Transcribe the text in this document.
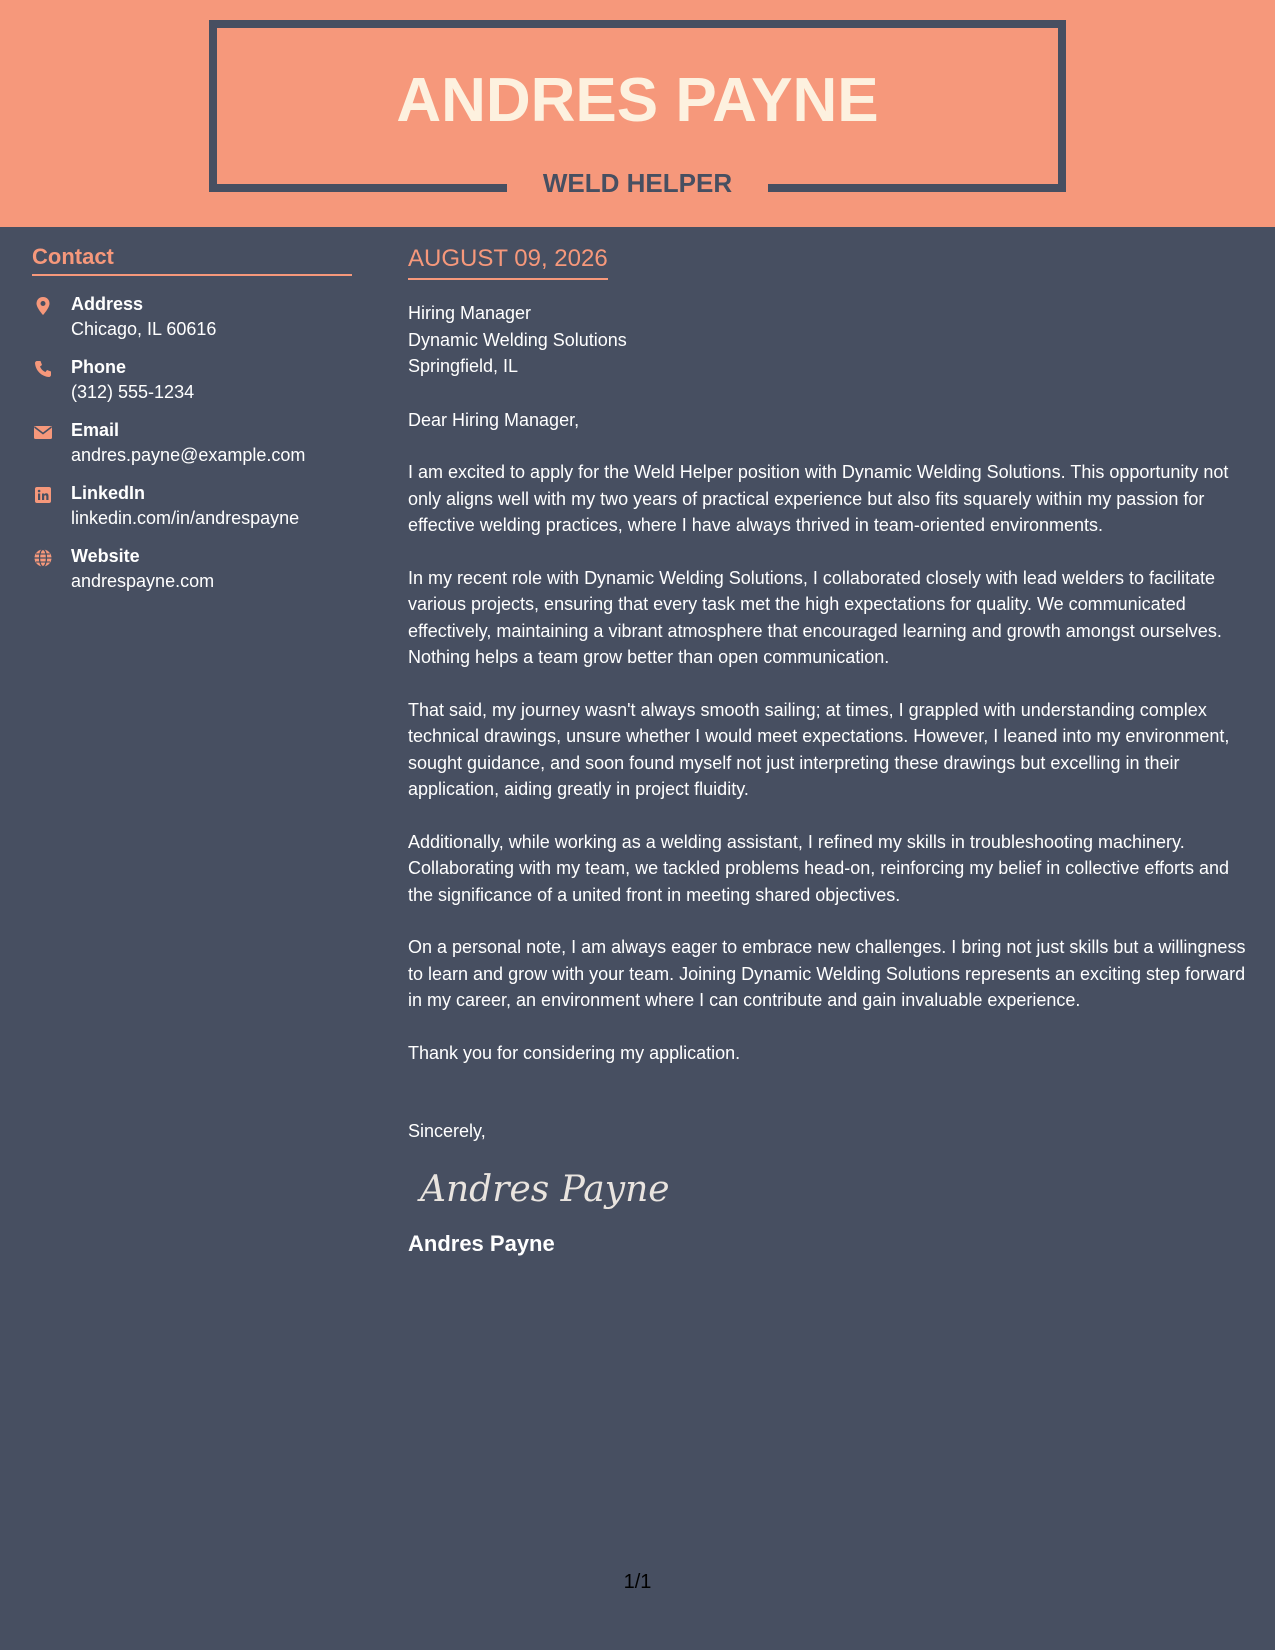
ANDRES PAYNE
WELD HELPER
Contact
Address
Chicago, IL 60616
Phone
(312) 555-1234
Email
andres.payne@example.com
LinkedIn
linkedin.com/in/andrespayne
Website
andrespayne.com
AUGUST 09, 2026
Hiring Manager
Dynamic Welding Solutions
Springfield, IL
Dear Hiring Manager,
I am excited to apply for the Weld Helper position with Dynamic Welding Solutions. This opportunity not only aligns well with my two years of practical experience but also fits squarely within my passion for effective welding practices, where I have always thrived in team-oriented environments.
In my recent role with Dynamic Welding Solutions, I collaborated closely with lead welders to facilitate various projects, ensuring that every task met the high expectations for quality. We communicated effectively, maintaining a vibrant atmosphere that encouraged learning and growth amongst ourselves. Nothing helps a team grow better than open communication.
That said, my journey wasn't always smooth sailing; at times, I grappled with understanding complex technical drawings, unsure whether I would meet expectations. However, I leaned into my environment, sought guidance, and soon found myself not just interpreting these drawings but excelling in their application, aiding greatly in project fluidity.
Additionally, while working as a welding assistant, I refined my skills in troubleshooting machinery. Collaborating with my team, we tackled problems head-on, reinforcing my belief in collective efforts and the significance of a united front in meeting shared objectives.
On a personal note, I am always eager to embrace new challenges. I bring not just skills but a willingness to learn and grow with your team. Joining Dynamic Welding Solutions represents an exciting step forward in my career, an environment where I can contribute and gain invaluable experience.
Thank you for considering my application.
Sincerely,
Andres Payne
Andres Payne
1/1
